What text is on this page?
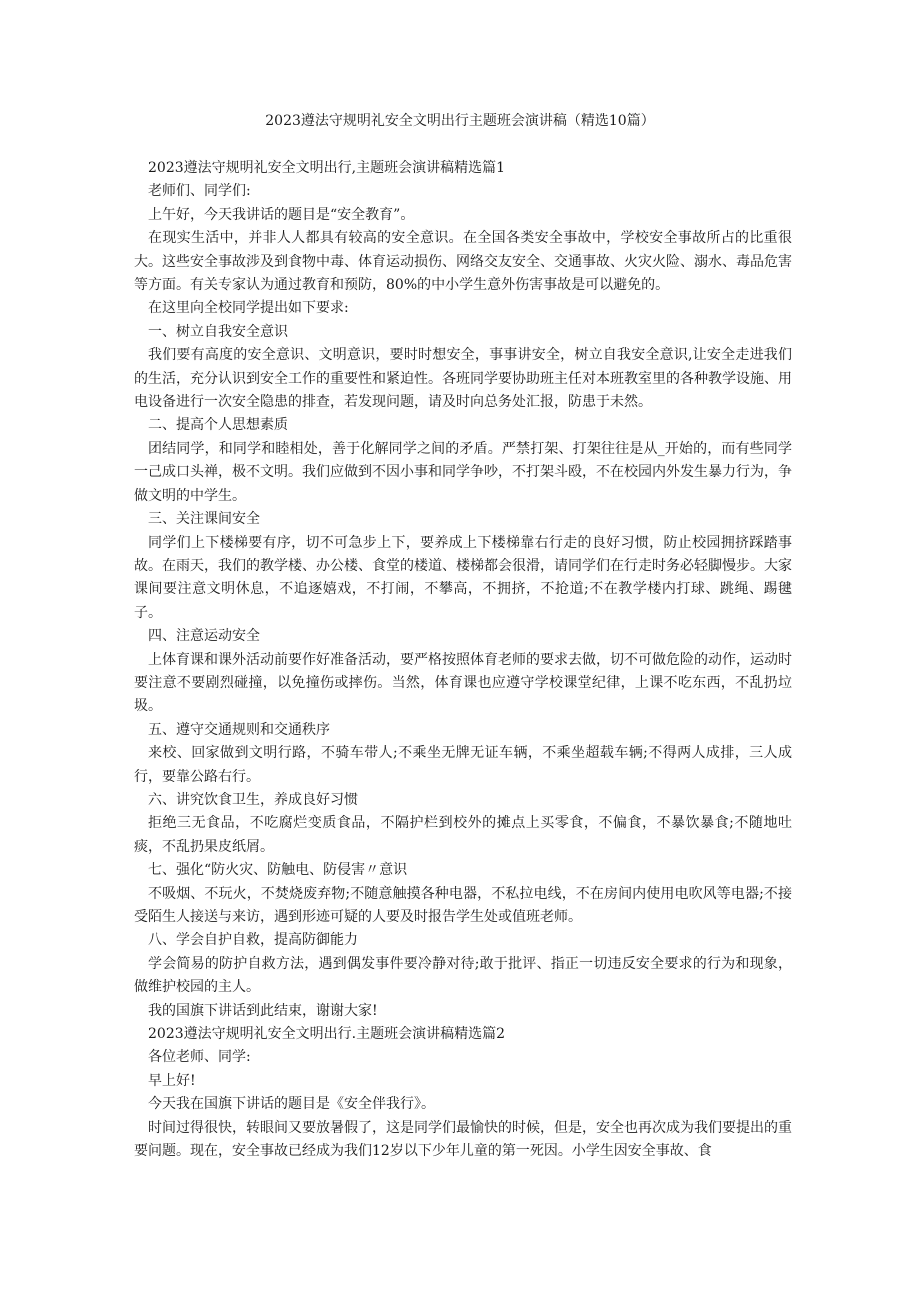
2023遵法守规明礼安全文明出行主题班会演讲稿（精选10篇）

2023遵法守规明礼安全文明出行,主题班会演讲稿精选篇1

老师们、同学们:

上午好，今天我讲话的题目是“安全教育”。

在现实生活中，并非人人都具有较高的安全意识。在全国各类安全事故中，学校安全事故所占的比重很大。这些安全事故涉及到食物中毒、体育运动损伤、网络交友安全、交通事故、火灾火险、溺水、毒品危害等方面。有关专家认为通过教育和预防，80%的中小学生意外伤害事故是可以避免的。

在这里向全校同学提出如下要求:

一、树立自我安全意识

我们要有高度的安全意识、文明意识，要时时想安全，事事讲安全，树立自我安全意识,让安全走进我们的生活，充分认识到安全工作的重要性和紧迫性。各班同学要协助班主任对本班教室里的各种教学设施、用电设备进行一次安全隐患的排查，若发现问题，请及时向总务处汇报，防患于未然。

二、提高个人思想素质

团结同学，和同学和睦相处，善于化解同学之间的矛盾。严禁打架、打架往往是从_开始的，而有些同学一己成口头禅，极不文明。我们应做到不因小事和同学争吵，不打架斗殴，不在校园内外发生暴力行为，争做文明的中学生。

三、关注课间安全

同学们上下楼梯要有序，切不可急步上下，要养成上下楼梯靠右行走的良好习惯，防止校园拥挤踩踏事故。在雨天，我们的教学楼、办公楼、食堂的楼道、楼梯都会很滑，请同学们在行走时务必轻脚慢步。大家课间要注意文明休息，不追逐嬉戏，不打闹，不攀高，不拥挤，不抢道;不在教学楼内打球、跳绳、踢毽子。

四、注意运动安全

上体育课和课外活动前要作好准备活动，要严格按照体育老师的要求去做，切不可做危险的动作，运动时要注意不要剧烈碰撞，以免撞伤或摔伤。当然，体育课也应遵守学校课堂纪律，上课不吃东西，不乱扔垃圾。

五、遵守交通规则和交通秩序

来校、回家做到文明行路，不骑车带人;不乘坐无牌无证车辆，不乘坐超载车辆;不得两人成排，三人成行，要靠公路右行。

六、讲究饮食卫生，养成良好习惯

拒绝三无食品，不吃腐烂变质食品，不隔护栏到校外的摊点上买零食，不偏食，不暴饮暴食;不随地吐痰，不乱扔果皮纸屑。

七、强化“防火灾、防触电、防侵害〃意识

不吸烟、不玩火，不焚烧废弃物;不随意触摸各种电器，不私拉电线，不在房间内使用电吹风等电器;不接受陌生人接送与来访，遇到形迹可疑的人要及时报告学生处或值班老师。

八、学会自护自救，提高防御能力

学会简易的防护自救方法，遇到偶发事件要冷静对待;敢于批评、指正一切违反安全要求的行为和现象，做维护校园的主人。

我的国旗下讲话到此结束，谢谢大家!

2023遵法守规明礼安全文明出行.主题班会演讲稿精选篇2

各位老师、同学:

早上好!

今天我在国旗下讲话的题目是《安全伴我行》。

时间过得很快，转眼间又要放暑假了，这是同学们最愉快的时候，但是，安全也再次成为我们要提出的重要问题。现在，安全事故已经成为我们12岁以下少年儿童的第一死因。小学生因安全事故、食
